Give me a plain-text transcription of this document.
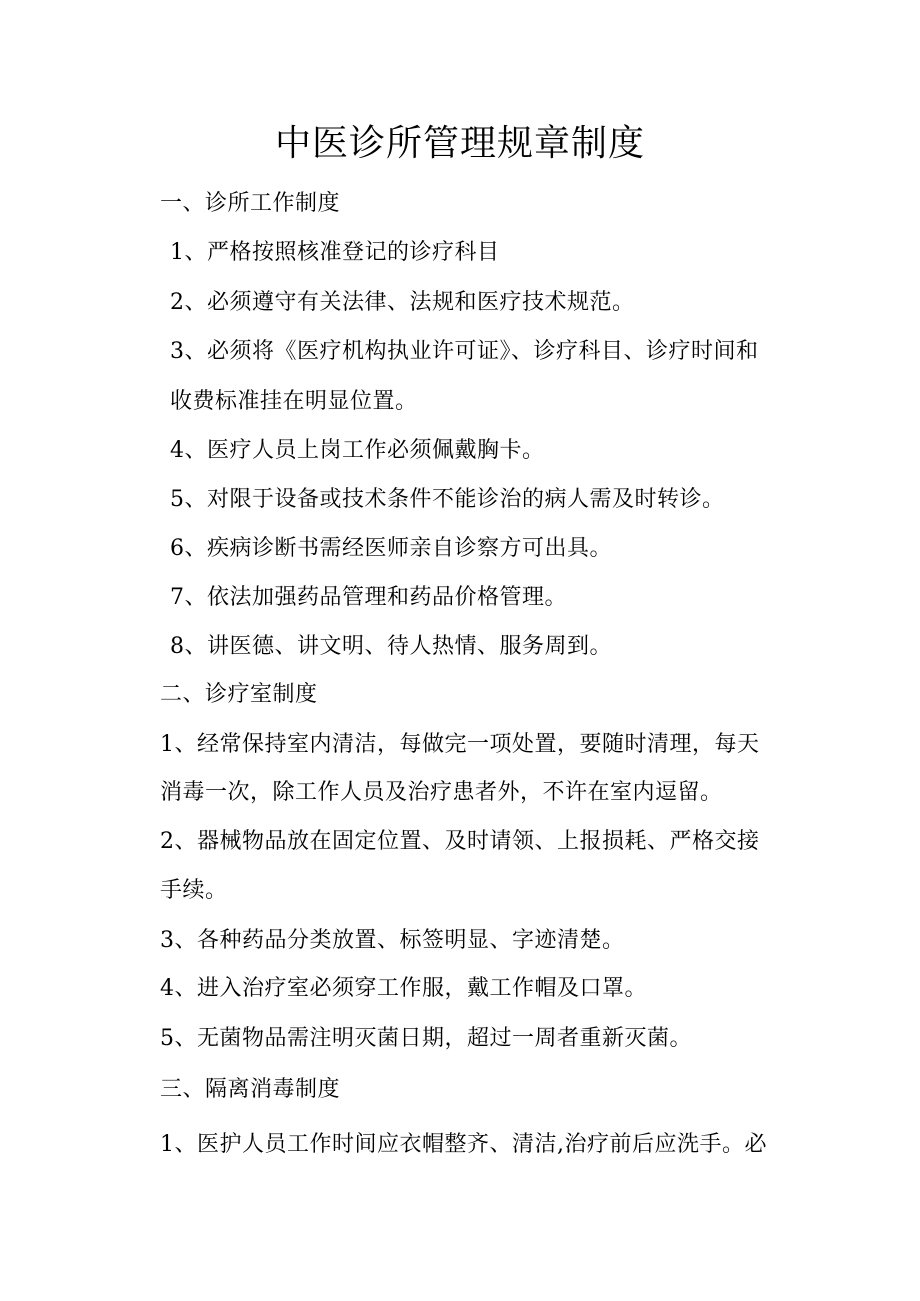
中医诊所管理规章制度
一、诊所工作制度
1、严格按照核准登记的诊疗科目
2、必须遵守有关法律、法规和医疗技术规范。
3、必须将《医疗机构执业许可证》、诊疗科目、诊疗时间和
收费标准挂在明显位置。
4、医疗人员上岗工作必须佩戴胸卡。
5、对限于设备或技术条件不能诊治的病人需及时转诊。
6、疾病诊断书需经医师亲自诊察方可出具。
7、依法加强药品管理和药品价格管理。
8、讲医德、讲文明、待人热情、服务周到。
二、诊疗室制度
1、经常保持室内清洁，每做完一项处置，要随时清理，每天
消毒一次，除工作人员及治疗患者外，不许在室内逗留。
2、器械物品放在固定位置、及时请领、上报损耗、严格交接
手续。
3、各种药品分类放置、标签明显、字迹清楚。
4、进入治疗室必须穿工作服，戴工作帽及口罩。
5、无菌物品需注明灭菌日期，超过一周者重新灭菌。
三、隔离消毒制度
1、医护人员工作时间应衣帽整齐、清洁,治疗前后应洗手。必
